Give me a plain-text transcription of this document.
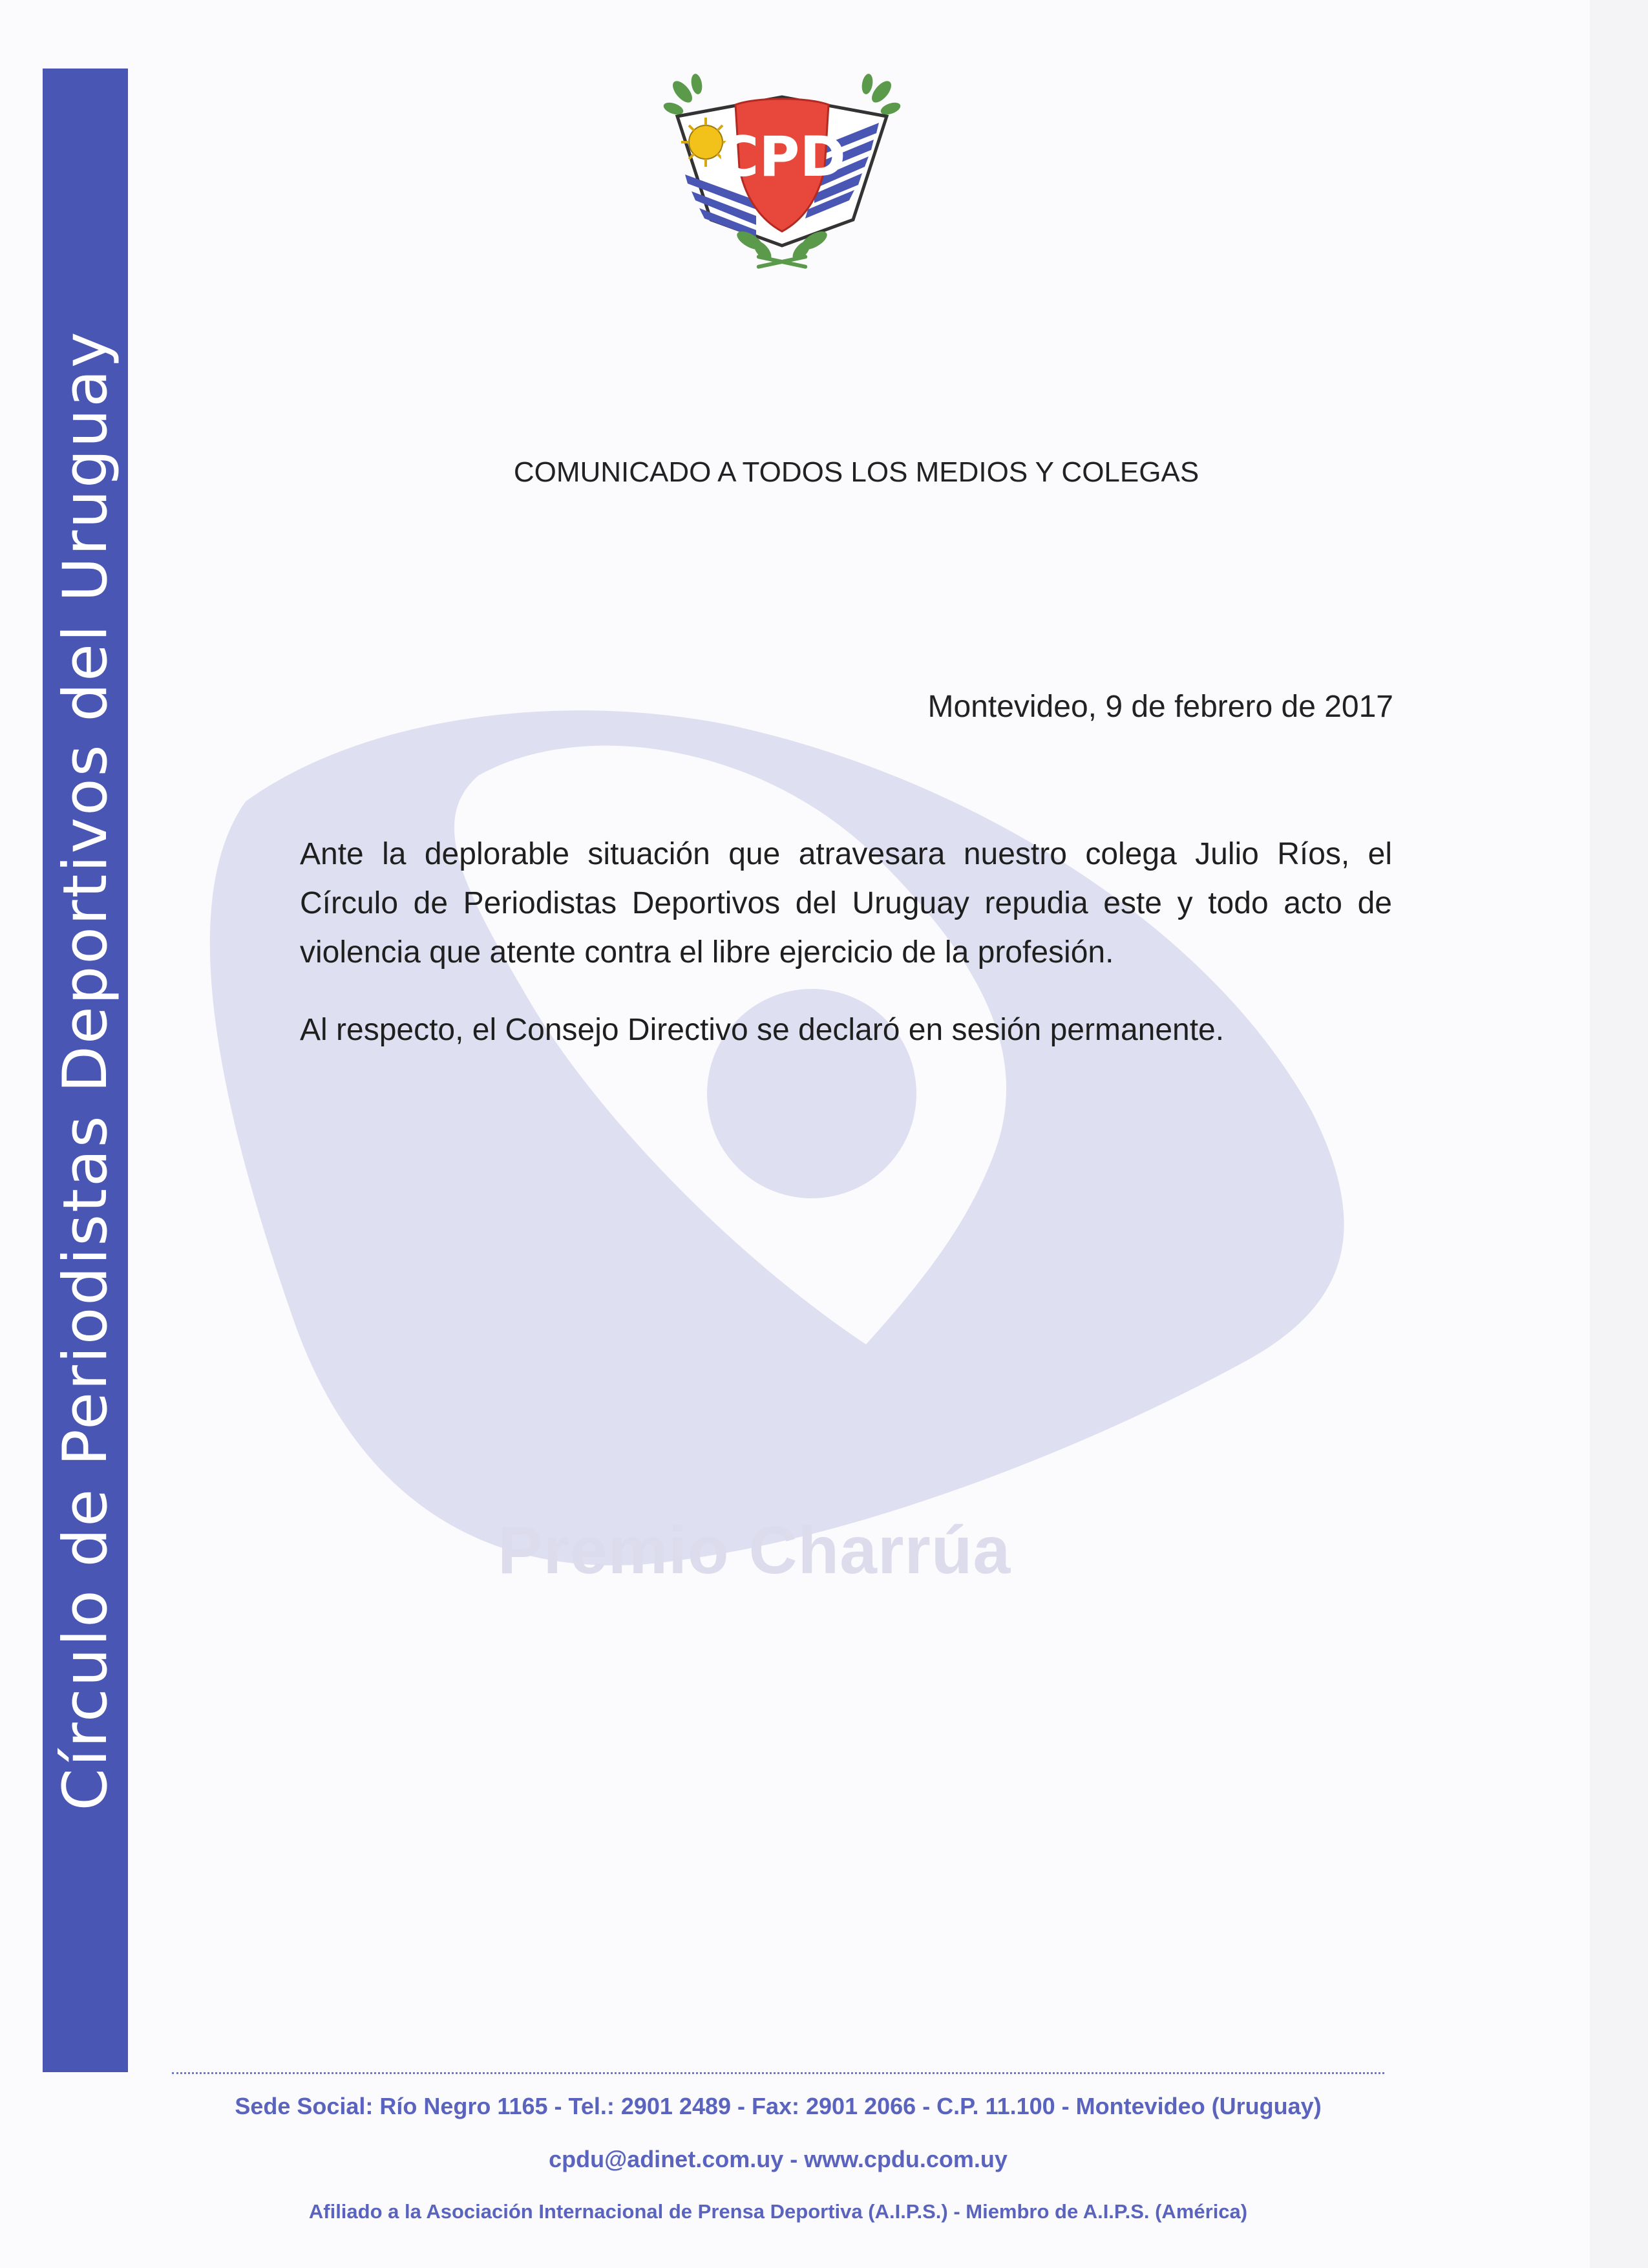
Premio Charrúa
Círculo de Periodistas Deportivos del Uruguay
CPD
COMUNICADO A TODOS LOS MEDIOS Y COLEGAS
Montevideo, 9 de febrero de 2017

Ante la deplorable situación que atravesara nuestro colega Julio Ríos, el Círculo de Periodistas Deportivos del Uruguay repudia este y todo acto de violencia que atente contra el libre ejercicio de la profesión.

Al respecto, el Consejo Directivo se declaró en sesión permanente.

Sede Social: Río Negro 1165 - Tel.: 2901 2489 - Fax: 2901 2066 - C.P. 11.100 - Montevideo (Uruguay)
cpdu@adinet.com.uy - www.cpdu.com.uy
Afiliado a la Asociación Internacional de Prensa Deportiva (A.I.P.S.) - Miembro de A.I.P.S. (América)
